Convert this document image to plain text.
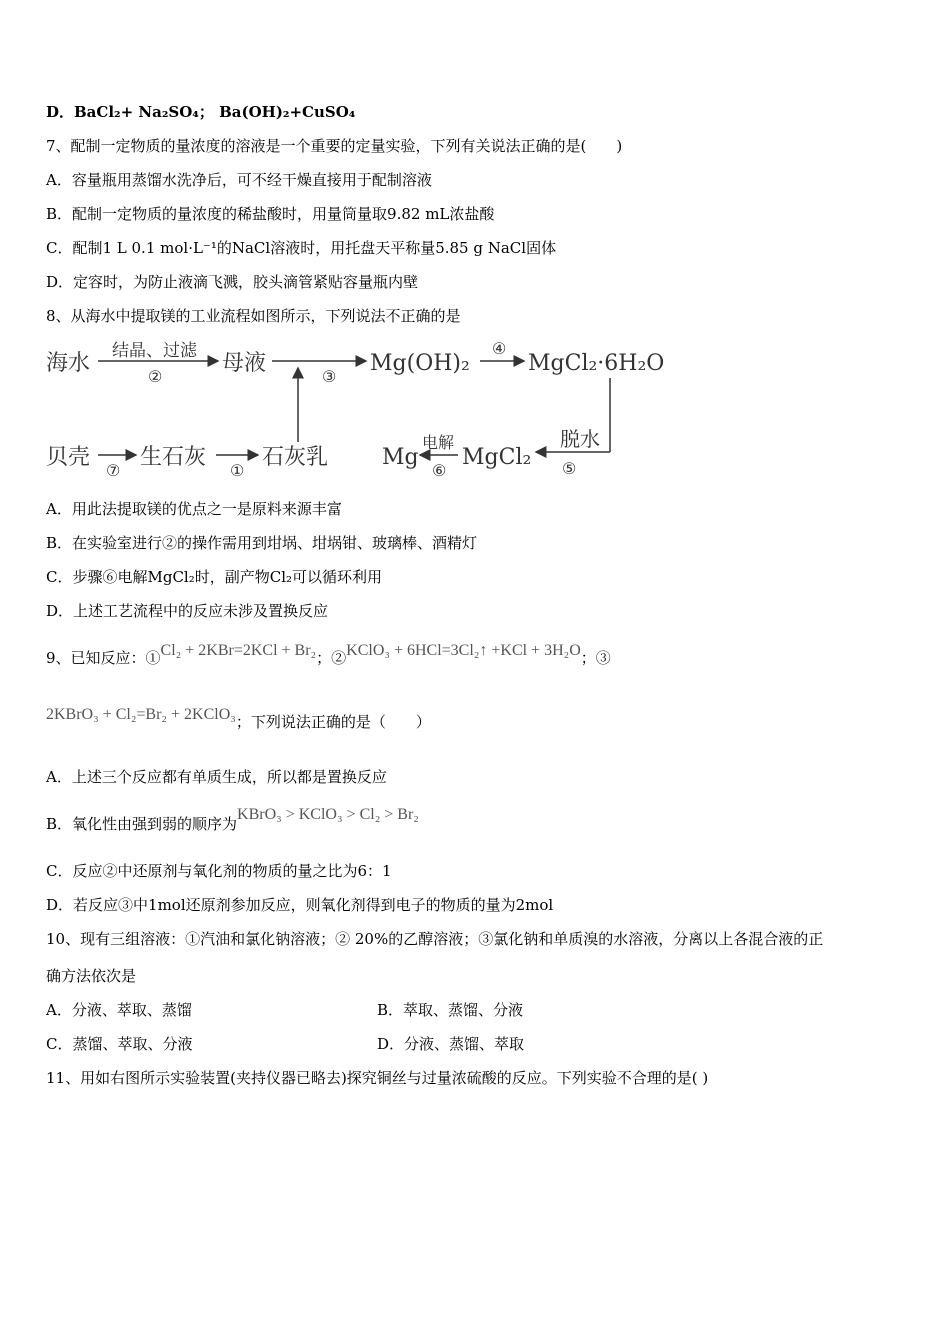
D．BaCl₂+ Na₂SO₄； Ba(OH)₂+CuSO₄
7、配制一定物质的量浓度的溶液是一个重要的定量实验，下列有关说法正确的是(　　)
A．容量瓶用蒸馏水洗净后，可不经干燥直接用于配制溶液
B．配制一定物质的量浓度的稀盐酸时，用量筒量取9.82 mL浓盐酸
C．配制1 L 0.1 mol·L⁻¹的NaCl溶液时，用托盘天平称量5.85 g NaCl固体
D．定容时，为防止液滴飞溅，胶头滴管紧贴容量瓶内壁
8、从海水中提取镁的工业流程如图所示，下列说法不正确的是
海水 结晶、过滤
②
母液
③
Mg(OH)₂
④
MgCl₂·6H₂O
贝壳
⑦
生石灰
①
石灰乳 Mg
电解
⑥
MgCl₂
脱水
⑤
A．用此法提取镁的优点之一是原料来源丰富
B．在实验室进行②的操作需用到坩埚、坩埚钳、玻璃棒、酒精灯
C．步骤⑥电解MgCl₂时，副产物Cl₂可以循环利用
D．上述工艺流程中的反应未涉及置换反应
9、已知反应：①Cl₂ + 2KBr=2KCl + Br₂；②KClO₃ + 6HCl=3Cl₂↑ +KCl + 3H₂O；③
2KBrO₃ + Cl₂=Br₂ + 2KClO₃；下列说法正确的是（　　）
A．上述三个反应都有单质生成，所以都是置换反应
B．氧化性由强到弱的顺序为KBrO₃ > KClO₃ > Cl₂ > Br₂
C．反应②中还原剂与氧化剂的物质的量之比为6：1
D．若反应③中1mol还原剂参加反应，则氧化剂得到电子的物质的量为2mol
10、现有三组溶液：①汽油和氯化钠溶液；② 20%的乙醇溶液；③氯化钠和单质溴的水溶液，分离以上各混合液的正
确方法依次是
A．分液、萃取、蒸馏	B．萃取、蒸馏、分液
C．蒸馏、萃取、分液	D．分液、蒸馏、萃取
11、用如右图所示实验装置(夹持仪器已略去)探究铜丝与过量浓硫酸的反应。下列实验不合理的是( )
